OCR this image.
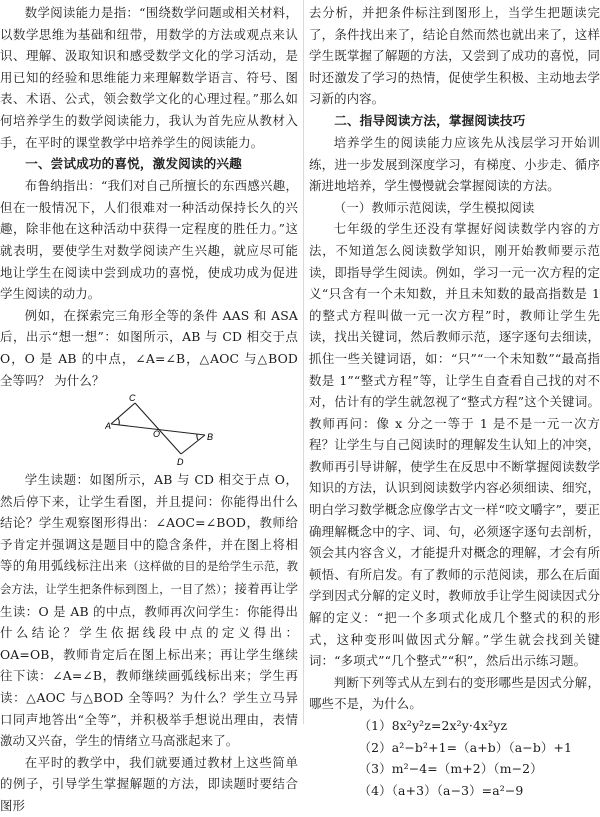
数学阅读能力是指：“围绕数学问题或相关材料，以数学思维为基础和纽带，用数学的方法或观点来认识、理解、汲取知识和感受数学文化的学习活动，是用已知的经验和思维能力来理解数学语言、符号、图表、术语、公式，领会数学文化的心理过程。”那么如何培养学生的数学阅读能力，我认为首先应从教材入手，在平时的课堂教学中培养学生的阅读能力。

一、尝试成功的喜悦，激发阅读的兴趣

布鲁纳指出：“我们对自己所擅长的东西感兴趣，但在一般情况下，人们很难对一种活动保持长久的兴趣，除非他在这种活动中获得一定程度的胜任力。”这就表明，要使学生对数学阅读产生兴趣，就应尽可能地让学生在阅读中尝到成功的喜悦，使成功成为促进学生阅读的动力。

例如，在探索完三角形全等的条件 AAS 和 ASA 后，出示“想一想”：如图所示，AB 与 CD 相交于点 O，O 是 AB 的中点，∠A=∠B，△AOC 与△BOD 全等吗？ 为什么？

C
A
O	B
D

学生读题：如图所示，AB 与 CD 相交于点 O，然后停下来，让学生看图，并且提问：你能得出什么结论？学生观察图形得出：∠AOC=∠BOD，教师给予肯定并强调这是题目中的隐含条件，并在图上将相等的角用弧线标注出来（这样做的目的是给学生示范，教会方法，让学生把条件标到图上，一目了然）；接着再让学生读：O 是 AB 的中点，教师再次问学生：你能得出什么结论？学生依据线段中点的定义得出：OA=OB，教师肯定后在图上标出来；再让学生继续往下读：∠A=∠B，教师继续画弧线标出来；学生再读：△AOC 与△BOD 全等吗？为什么？学生立马异口同声地答出“全等”，并积极举手想说出理由，表情激动又兴奋，学生的情绪立马高涨起来了。

在平时的教学中，我们就要通过教材上这些简单的例子，引导学生掌握解题的方法，即读题时要结合图形

去分析，并把条件标注到图形上，当学生把题读完了，条件找出来了，结论自然而然也就出来了，这样学生既掌握了解题的方法，又尝到了成功的喜悦，同时还激发了学习的热情，促使学生积极、主动地去学习新的内容。

二、指导阅读方法，掌握阅读技巧

培养学生的阅读能力应该先从浅层学习开始训练，进一步发展到深度学习，有梯度、小步走、循序渐进地培养，学生慢慢就会掌握阅读的方法。

（一）教师示范阅读，学生模拟阅读

七年级的学生还没有掌握好阅读数学内容的方法，不知道怎么阅读数学知识，刚开始教师要示范读，即指导学生阅读。例如，学习一元一次方程的定义“只含有一个未知数，并且未知数的最高指数是 1 的整式方程叫做一元一次方程”时，教师让学生先读，找出关键词，然后教师示范，逐字逐句去细读，抓住一些关键词语，如：“只”“一个未知数”“最高指数是 1”“整式方程”等，让学生自查看自己找的对不对，估计有的学生就忽视了“整式方程”这个关键词。教师再问：像 x 分之一等于 1 是不是一元一次方程？让学生与自己阅读时的理解发生认知上的冲突，教师再引导讲解，使学生在反思中不断掌握阅读数学知识的方法，认识到阅读数学内容必须细读、细究，明白学习数学概念应像学古文一样“咬文嚼字”，要正确理解概念中的字、词、句，必须逐字逐句去剖析，领会其内容含义，才能提升对概念的理解，才会有所顿悟、有所启发。有了教师的示范阅读，那么在后面学到因式分解的定义时，教师放手让学生阅读因式分解的定义：“把一个多项式化成几个整式的积的形式，这种变形叫做因式分解。”学生就会找到关键词：“多项式”“几个整式”“积”，然后出示练习题。

判断下列等式从左到右的变形哪些是因式分解，哪些不是，为什么。

（1）8x²y²z=2x²y·4x²yz

（2）a²−b²+1=（a+b）（a−b）+1

（3）m²−4=（m+2）（m−2）

（4）（a+3）（a−3）=a²−9
